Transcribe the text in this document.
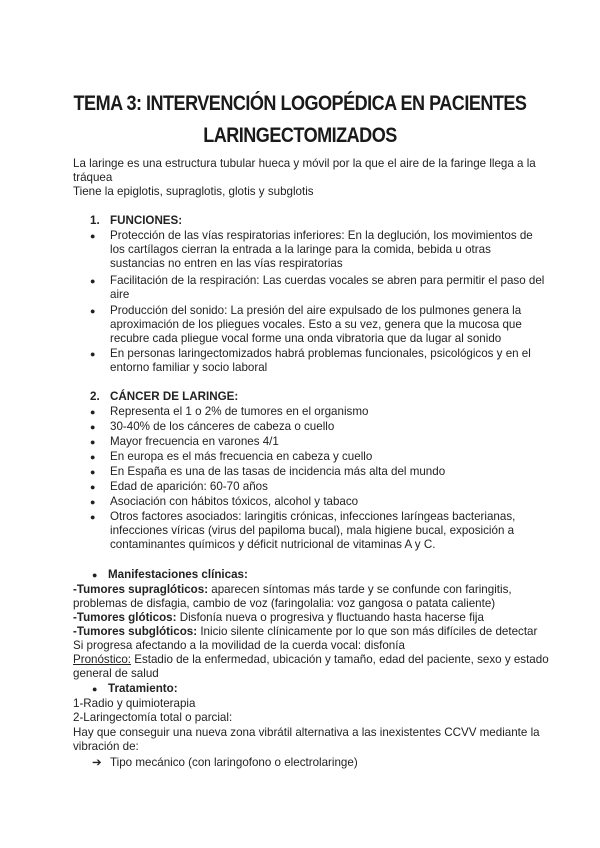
TEMA 3: INTERVENCIÓN LOGOPÉDICA EN PACIENTES
LARINGECTOMIZADOS
La laringe es una estructura tubular hueca y móvil por la que el aire de la faringe llega a la
tráquea
Tiene la epiglotis, supraglotis, glotis y subglotis
1. FUNCIONES:
● Protección de las vías respiratorias inferiores: En la deglución, los movimientos de
los cartílagos cierran la entrada a la laringe para la comida, bebida u otras
sustancias no entren en las vías respiratorias
● Facilitación de la respiración: Las cuerdas vocales se abren para permitir el paso del
aire
● Producción del sonido: La presión del aire expulsado de los pulmones genera la
aproximación de los pliegues vocales. Esto a su vez, genera que la mucosa que
recubre cada pliegue vocal forme una onda vibratoria que da lugar al sonido
● En personas laringectomizados habrá problemas funcionales, psicológicos y en el
entorno familiar y socio laboral
2. CÁNCER DE LARINGE:
● Representa el 1 o 2% de tumores en el organismo
● 30-40% de los cánceres de cabeza o cuello
● Mayor frecuencia en varones 4/1
● En europa es el más frecuencia en cabeza y cuello
● En España es una de las tasas de incidencia más alta del mundo
● Edad de aparición: 60-70 años
● Asociación con hábitos tóxicos, alcohol y tabaco
● Otros factores asociados: laringitis crónicas, infecciones laríngeas bacterianas,
infecciones víricas (virus del papiloma bucal), mala higiene bucal, exposición a
contaminantes químicos y déficit nutricional de vitaminas A y C.
● Manifestaciones clínicas:
-Tumores supraglóticos: aparecen síntomas más tarde y se confunde con faringitis,
problemas de disfagia, cambio de voz (faringolalia: voz gangosa o patata caliente)
-Tumores glóticos: Disfonía nueva o progresiva y fluctuando hasta hacerse fija
-Tumores subglóticos: Inicio silente clínicamente por lo que son más difíciles de detectar
Si progresa afectando a la movilidad de la cuerda vocal: disfonía
Pronóstico: Estadio de la enfermedad, ubicación y tamaño, edad del paciente, sexo y estado
general de salud
● Tratamiento:
1-Radio y quimioterapia
2-Laringectomía total o parcial:
Hay que conseguir una nueva zona vibrátil alternativa a las inexistentes CCVV mediante la
vibración de:
➔ Tipo mecánico (con laringofono o electrolaringe)
